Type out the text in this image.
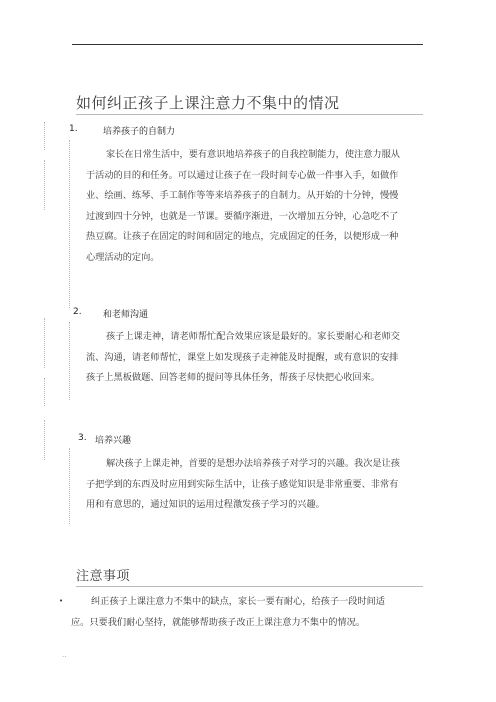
如何纠正孩子上课注意力不集中的情况
1.	培养孩子的自制力
家长在日常生活中，要有意识地培养孩子的自我控制能力，使注意力服从
于活动的目的和任务。可以通过让孩子在一段时间专心做一件事入手，如做作
业、绘画、练琴、手工制作等等来培养孩子的自制力。从开始的十分钟，慢慢
过渡到四十分钟，也就是一节课。要循序渐进，一次增加五分钟，心急吃不了
热豆腐。让孩子在固定的时间和固定的地点，完成固定的任务，以便形成一种
心理活动的定向。
2. 和老师沟通
孩子上课走神，请老师帮忙配合效果应该是最好的。家长要耐心和老师交
流、沟通，请老师帮忙，课堂上如发现孩子走神能及时提醒，或有意识的安排
孩子上黑板做题、回答老师的提问等具体任务，帮孩子尽快把心收回来。
3. 培养兴趣
解决孩子上课走神，首要的是想办法培养孩子对学习的兴趣。我次是让孩
子把学到的东西及时应用到实际生活中，让孩子感觉知识是非常重要、非常有
用和有意思的，通过知识的运用过程激发孩子学习的兴趣。
注意事项
•	纠正孩子上课注意力不集中的缺点，家长一要有耐心，给孩子一段时间适
应。只要我们耐心坚持，就能够帮助孩子改正上课注意力不集中的情况。
..
